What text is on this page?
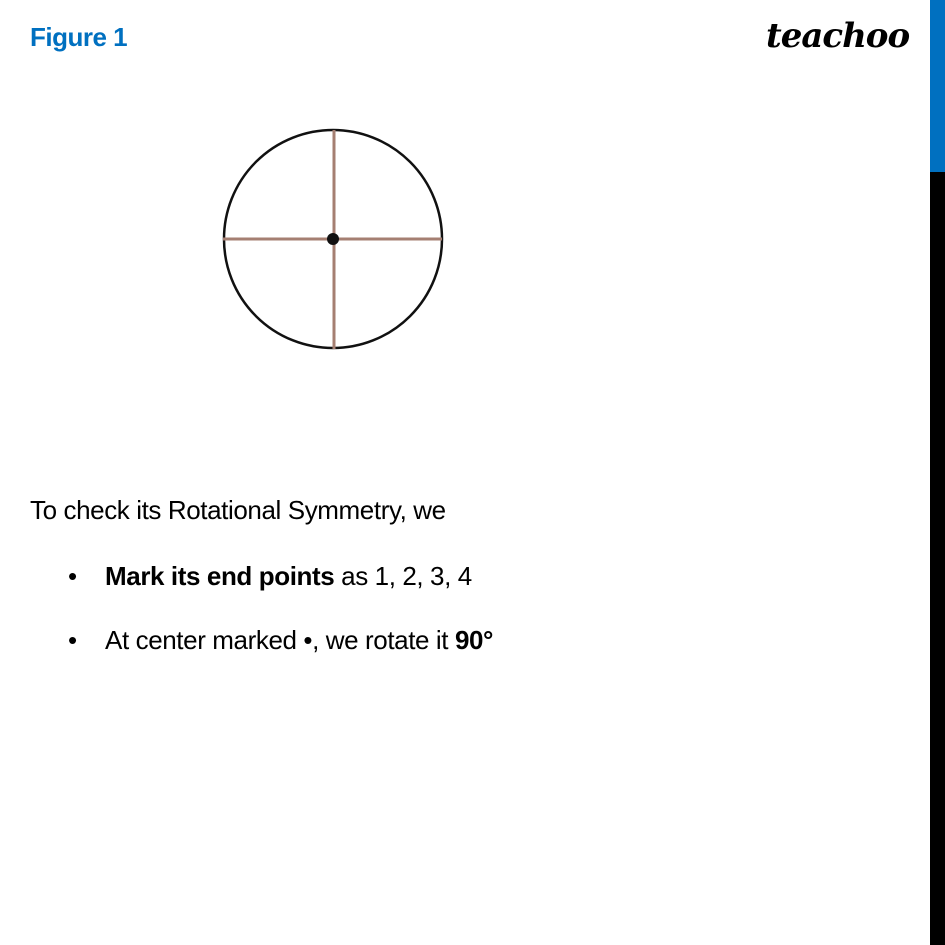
Figure 1	teachoo
To check its Rotational Symmetry, we
• Mark its end points as 1, 2, 3, 4
• At center marked •, we rotate it 90°
